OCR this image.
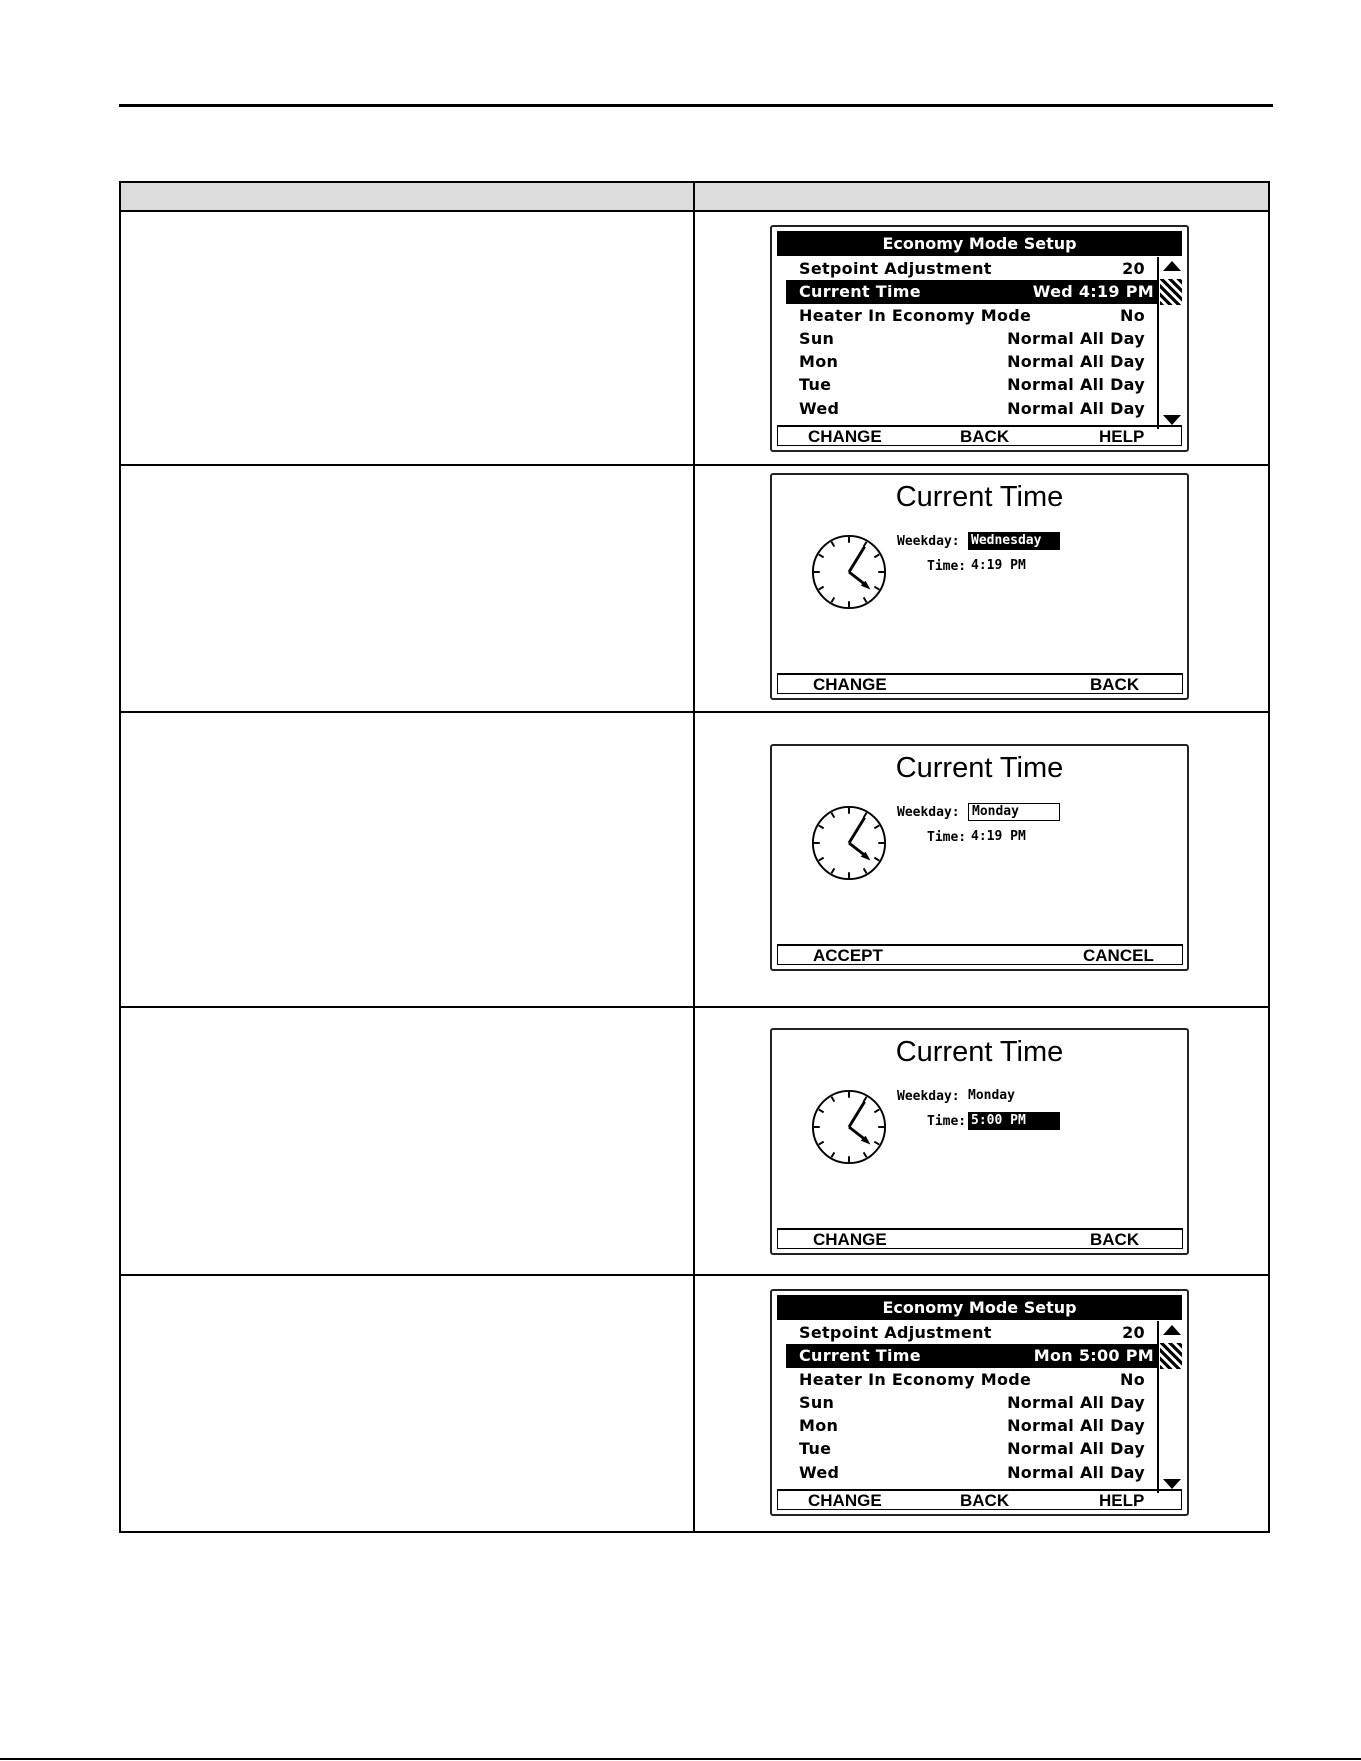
Economy Mode Setup
Setpoint Adjustment	20
Current Time	Wed 4:19 PM
Heater In Economy Mode	No
Sun	Normal All Day
Mon	Normal All Day
Tue	Normal All Day
Wed	Normal All Day
CHANGE	BACK	HELP
Current Time
Weekday: Wednesday
Time: 4:19 PM
CHANGE	BACK
Current Time
Weekday: Monday
Time: 4:19 PM
ACCEPT	CANCEL
Current Time
Weekday: Monday
Time: 5:00 PM
CHANGE	BACK
Economy Mode Setup
Setpoint Adjustment	20
Current Time	Mon 5:00 PM
Heater In Economy Mode	No
Sun	Normal All Day
Mon	Normal All Day
Tue	Normal All Day
Wed	Normal All Day
CHANGE	BACK	HELP
